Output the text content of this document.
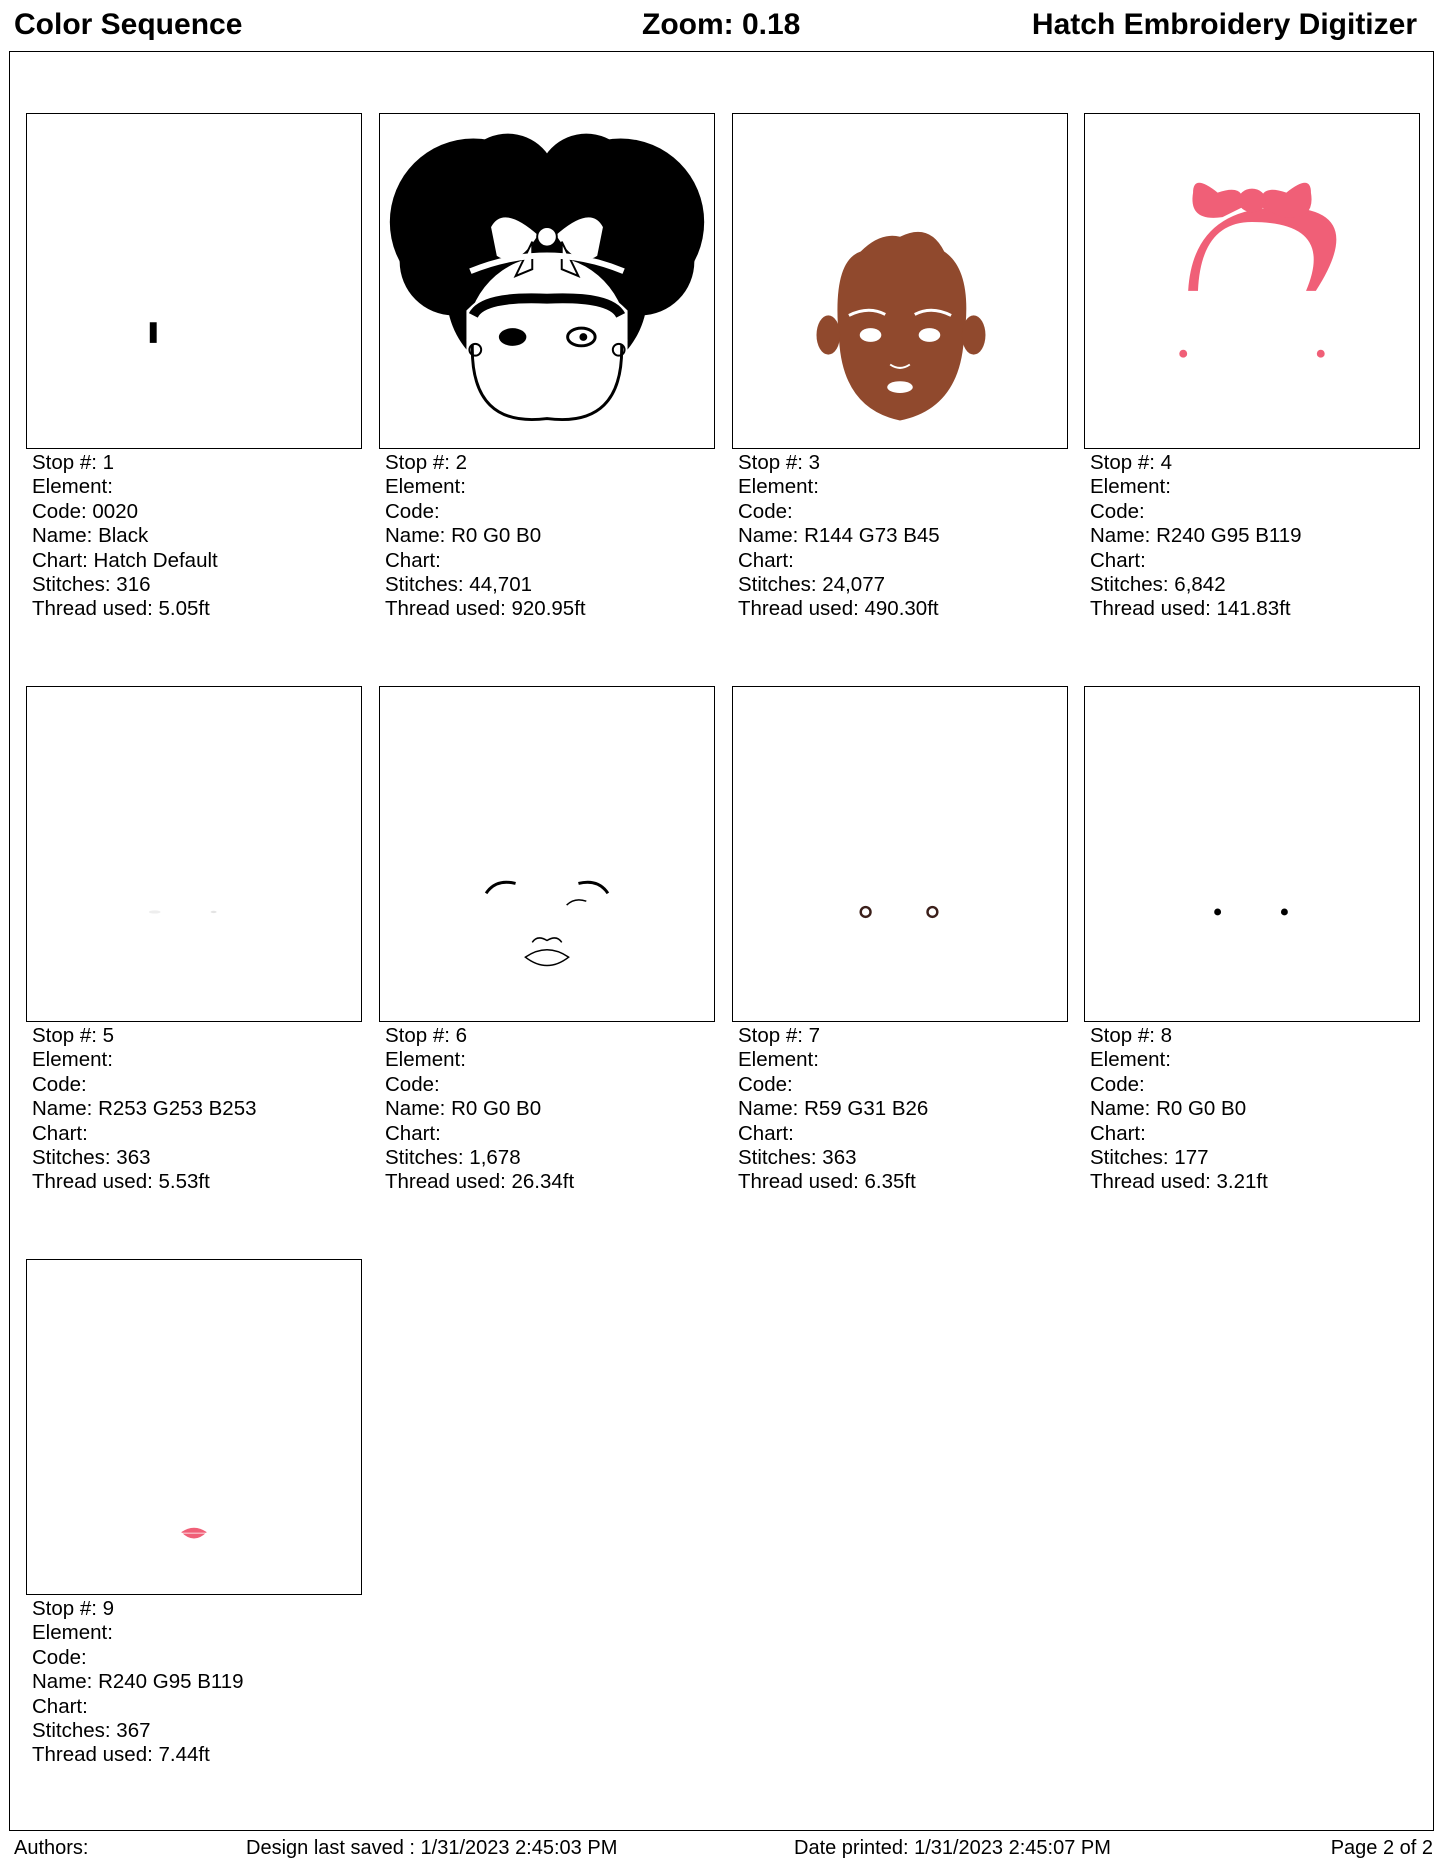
Color Sequence	Zoom: 0.18	Hatch Embroidery Digitizer
Stop #: 1
Element:
Code: 0020
Name: Black
Chart: Hatch Default
Stitches: 316
Thread used: 5.05ft
Stop #: 2
Element:
Code:
Name: R0 G0 B0
Chart:
Stitches: 44,701
Thread used: 920.95ft
Stop #: 3
Element:
Code:
Name: R144 G73 B45
Chart:
Stitches: 24,077
Thread used: 490.30ft
Stop #: 4
Element:
Code:
Name: R240 G95 B119
Chart:
Stitches: 6,842
Thread used: 141.83ft
Stop #: 5
Element:
Code:
Name: R253 G253 B253
Chart:
Stitches: 363
Thread used: 5.53ft
Stop #: 6
Element:
Code:
Name: R0 G0 B0
Chart:
Stitches: 1,678
Thread used: 26.34ft
Stop #: 7
Element:
Code:
Name: R59 G31 B26
Chart:
Stitches: 363
Thread used: 6.35ft
Stop #: 8
Element:
Code:
Name: R0 G0 B0
Chart:
Stitches: 177
Thread used: 3.21ft
Stop #: 9
Element:
Code:
Name: R240 G95 B119
Chart:
Stitches: 367
Thread used: 7.44ft
Authors:	Design last saved : 1/31/2023 2:45:03 PM	Date printed: 1/31/2023 2:45:07 PM	Page 2 of 2
